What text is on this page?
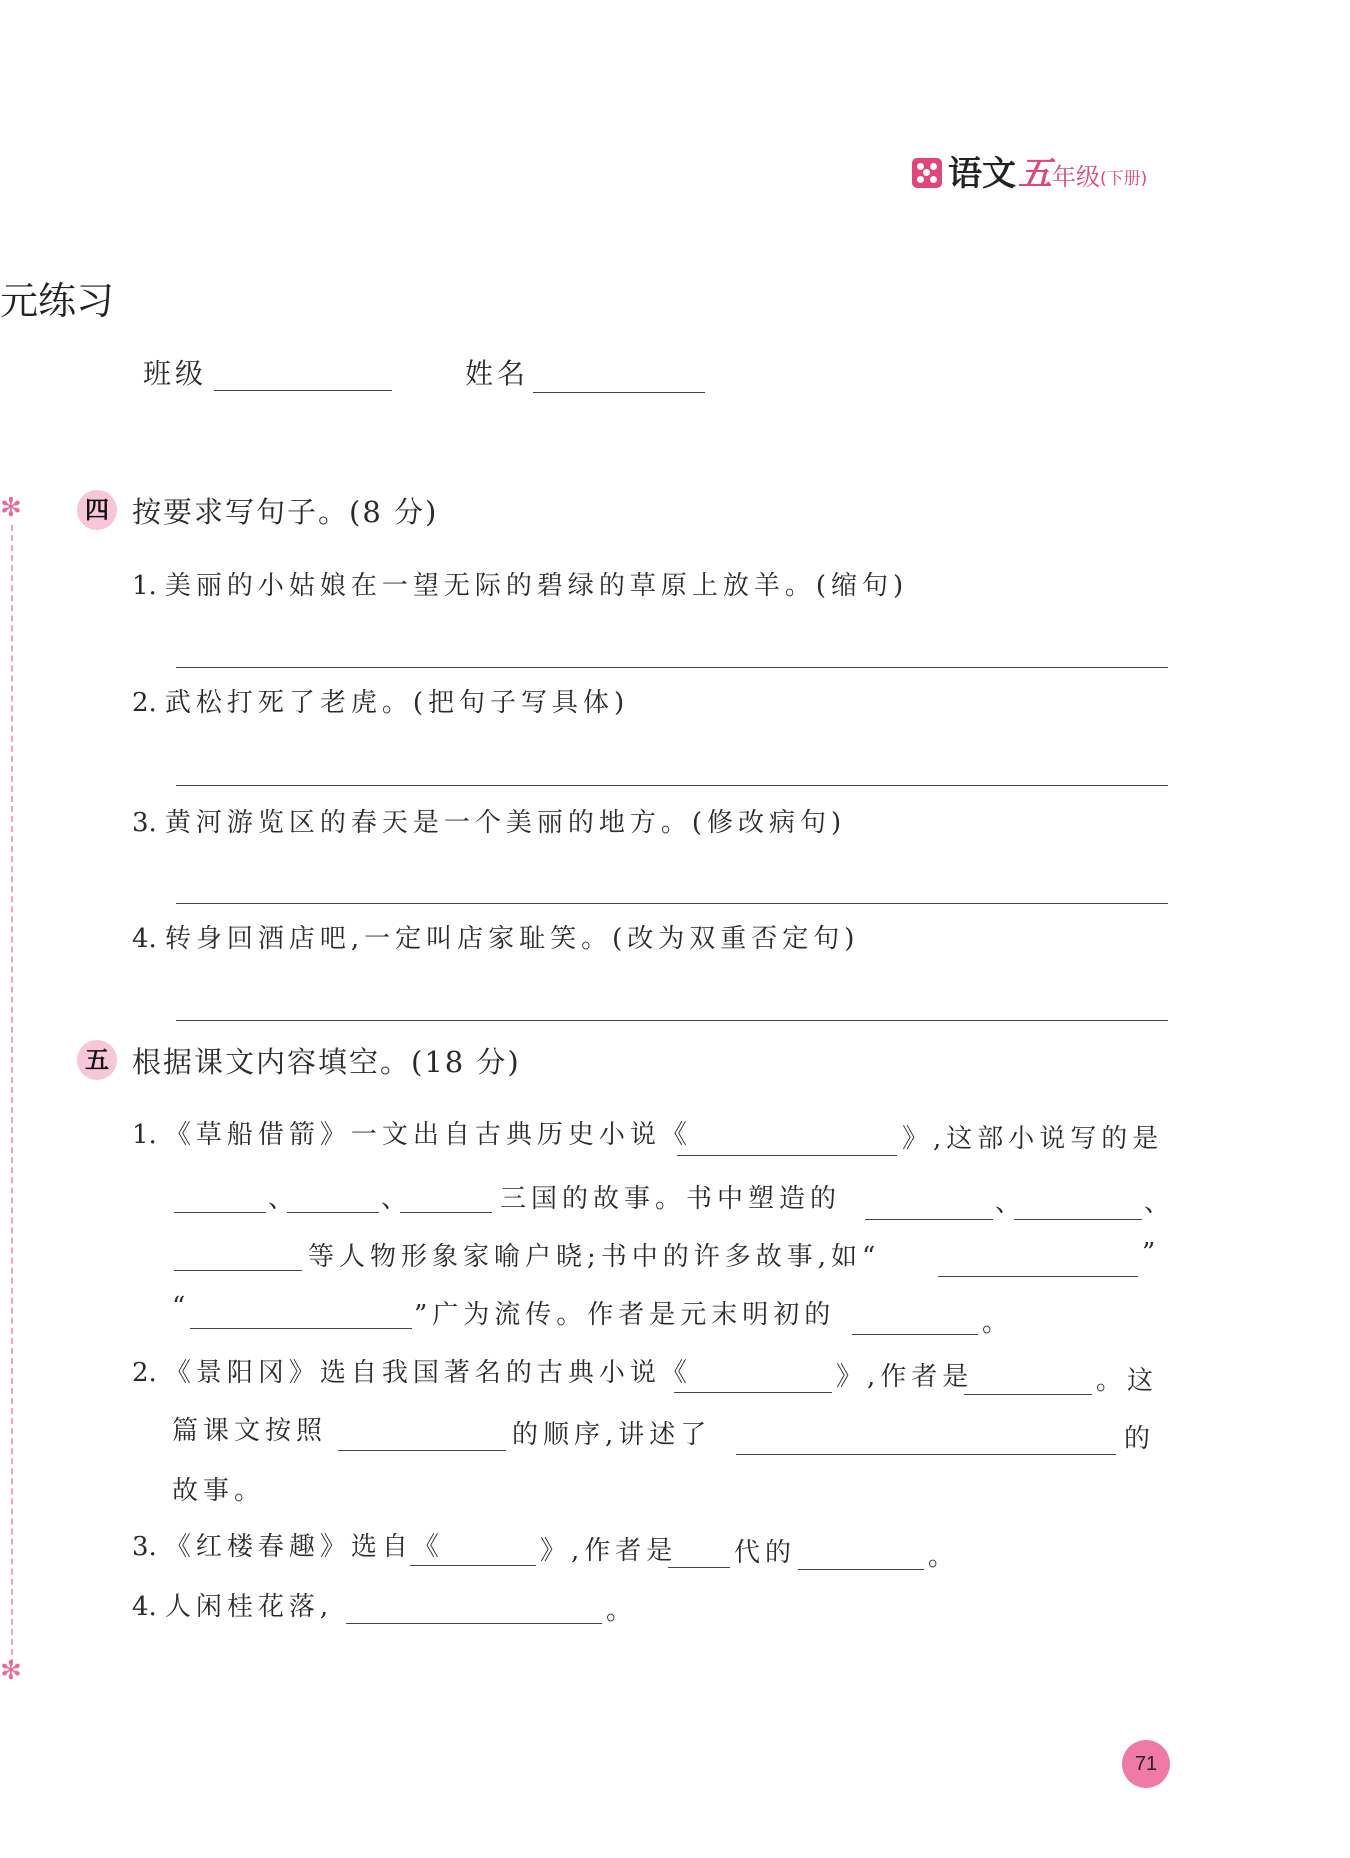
语文 五 年级 (下册)
元练习
班级	姓名
✻
✻
四 按要求写句子。(8 分)
1. 美丽的小姑娘在一望无际的碧绿的草原上放羊。(缩句)
2. 武松打死了老虎。(把句子写具体)
3. 黄河游览区的春天是一个美丽的地方。(修改病句)
4. 转身回酒店吧,一定叫店家耻笑。(改为双重否定句)
五 根据课文内容填空。(18 分)
1. 《草船借箭》一文出自古典历史小说《	》,这部小说写的是
、	、	三国的故事。书中塑造的	、	、
等人物形象家喻户晓;书中的许多故事,如“	”
“	”广为流传。作者是元末明初的	。
2. 《景阳冈》选自我国著名的古典小说《	》,作者是	。这
篇课文按照	的顺序,讲述了	的
故事。
3. 《红楼春趣》选自《	》,作者是 代的	。
4. 人闲桂花落,	。
71
